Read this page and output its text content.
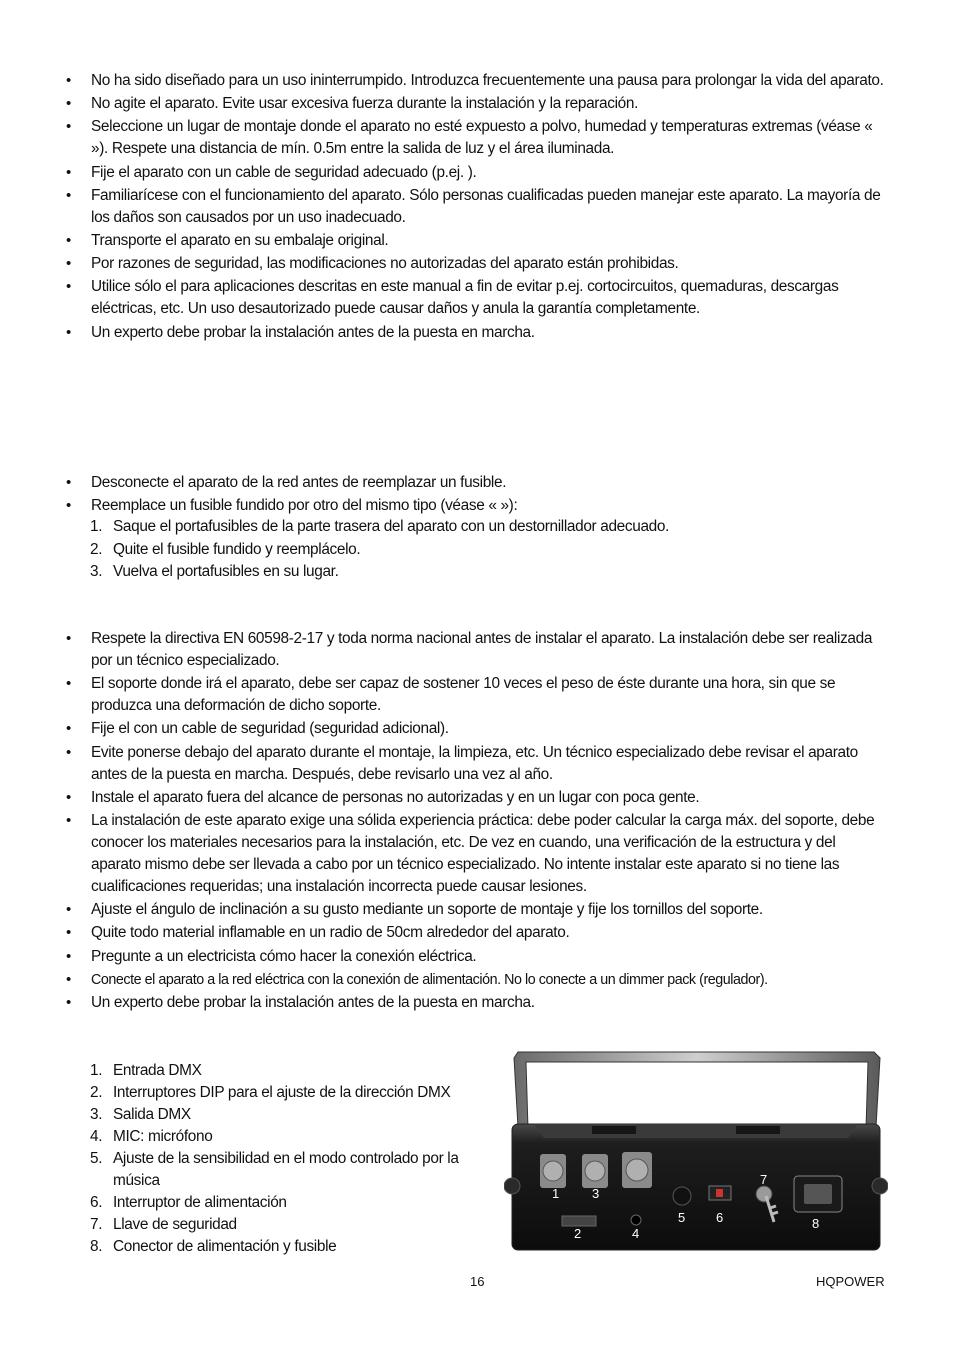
• No ha sido diseñado para un uso ininterrumpido. Introduzca frecuentemente una pausa para prolongar la vida del aparato.
• No agite el aparato. Evite usar excesiva fuerza durante la instalación y la reparación.
• Seleccione un lugar de montaje donde el aparato no esté expuesto a polvo, humedad y temperaturas extremas (véase « »). Respete una distancia de mín. 0.5m entre la salida de luz y el área iluminada.
• Fije el aparato con un cable de seguridad adecuado (p.ej. ).
• Familiarícese con el funcionamiento del aparato. Sólo personas cualificadas pueden manejar este aparato. La mayoría de los daños son causados por un uso inadecuado.
• Transporte el aparato en su embalaje original.
• Por razones de seguridad, las modificaciones no autorizadas del aparato están prohibidas.
• Utilice sólo el para aplicaciones descritas en este manual a fin de evitar p.ej. cortocircuitos, quemaduras, descargas eléctricas, etc. Un uso desautorizado puede causar daños y anula la garantía completamente.
• Un experto debe probar la instalación antes de la puesta en marcha.
• Desconecte el aparato de la red antes de reemplazar un fusible.
• Reemplace un fusible fundido por otro del mismo tipo (véase « »):
1. Saque el portafusibles de la parte trasera del aparato con un destornillador adecuado.
2. Quite el fusible fundido y reemplácelo.
3. Vuelva el portafusibles en su lugar.
• Respete la directiva EN 60598-2-17 y toda norma nacional antes de instalar el aparato. La instalación debe ser realizada por un técnico especializado.
• El soporte donde irá el aparato, debe ser capaz de sostener 10 veces el peso de éste durante una hora, sin que se produzca una deformación de dicho soporte.
• Fije el con un cable de seguridad (seguridad adicional).
• Evite ponerse debajo del aparato durante el montaje, la limpieza, etc. Un técnico especializado debe revisar el aparato antes de la puesta en marcha. Después, debe revisarlo una vez al año.
• Instale el aparato fuera del alcance de personas no autorizadas y en un lugar con poca gente.
• La instalación de este aparato exige una sólida experiencia práctica: debe poder calcular la carga máx. del soporte, debe conocer los materiales necesarios para la instalación, etc. De vez en cuando, una verificación de la estructura y del aparato mismo debe ser llevada a cabo por un técnico especializado. No intente instalar este aparato si no tiene las cualificaciones requeridas; una instalación incorrecta puede causar lesiones.
• Ajuste el ángulo de inclinación a su gusto mediante un soporte de montaje y fije los tornillos del soporte.
• Quite todo material inflamable en un radio de 50cm alrededor del aparato.
• Pregunte a un electricista cómo hacer la conexión eléctrica.
• Conecte el aparato a la red eléctrica con la conexión de alimentación. No lo conecte a un dimmer pack (regulador).
• Un experto debe probar la instalación antes de la puesta en marcha.
1. Entrada DMX
2. Interruptores DIP para el ajuste de la dirección DMX
3. Salida DMX
4. MIC: micrófono
5. Ajuste de la sensibilidad en el modo controlado por la música
6. Interruptor de alimentación
7. Llave de seguridad
8. Conector de alimentación y fusible
1
2
3
4
5 6
7
8
16	HQPOWER
